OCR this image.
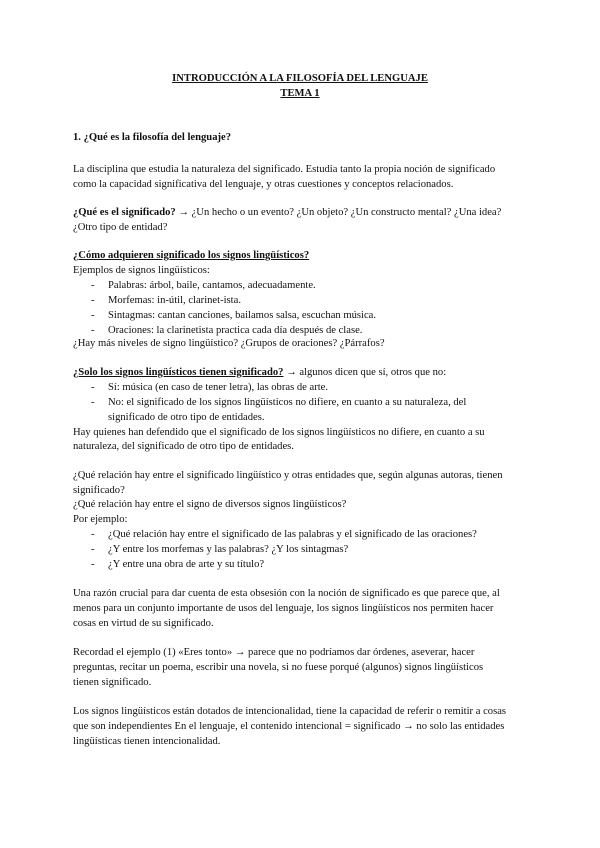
INTRODUCCIÓN A LA FILOSOFÍA DEL LENGUAJE
TEMA 1
1. ¿Qué es la filosofía del lenguaje?
La disciplina que estudia la naturaleza del significado. Estudia tanto la propia noción de significado
como la capacidad significativa del lenguaje, y otras cuestiones y conceptos relacionados.
¿Qué es el significado? → ¿Un hecho o un evento? ¿Un objeto? ¿Un constructo mental? ¿Una idea?
¿Otro tipo de entidad?
¿Cómo adquieren significado los signos lingüísticos?
Ejemplos de signos lingüísticos:
- Palabras: árbol, baile, cantamos, adecuadamente.
- Morfemas: in-útil, clarinet-ista.
- Sintagmas: cantan canciones, bailamos salsa, escuchan música.
- Oraciones: la clarinetista practica cada día después de clase.
¿Hay más niveles de signo lingüístico? ¿Grupos de oraciones? ¿Párrafos?
¿Solo los signos lingüísticos tienen significado? → algunos dicen que sí, otros que no:
- Sí: música (en caso de tener letra), las obras de arte.
- No: el significado de los signos lingüísticos no difiere, en cuanto a su naturaleza, del
significado de otro tipo de entidades.
Hay quienes han defendido que el significado de los signos lingüísticos no difiere, en cuanto a su
naturaleza, del significado de otro tipo de entidades.
¿Qué relación hay entre el significado lingüístico y otras entidades que, según algunas autoras, tienen
significado?
¿Qué relación hay entre el signo de diversos signos lingüísticos?
Por ejemplo:
- ¿Qué relación hay entre el significado de las palabras y el significado de las oraciones?
- ¿Y entre los morfemas y las palabras? ¿Y los sintagmas?
- ¿Y entre una obra de arte y su título?
Una razón crucial para dar cuenta de esta obsesión con la noción de significado es que parece que, al
menos para un conjunto importante de usos del lenguaje, los signos lingüísticos nos permiten hacer
cosas en virtud de su significado.
Recordad el ejemplo (1) «Eres tonto» → parece que no podríamos dar órdenes, aseverar, hacer
preguntas, recitar un poema, escribir una novela, si no fuese porqué (algunos) signos lingüísticos
tienen significado.
Los signos lingüísticos están dotados de intencionalidad, tiene la capacidad de referir o remitir a cosas
que son independientes En el lenguaje, el contenido intencional = significado → no solo las entidades
lingüísticas tienen intencionalidad.
